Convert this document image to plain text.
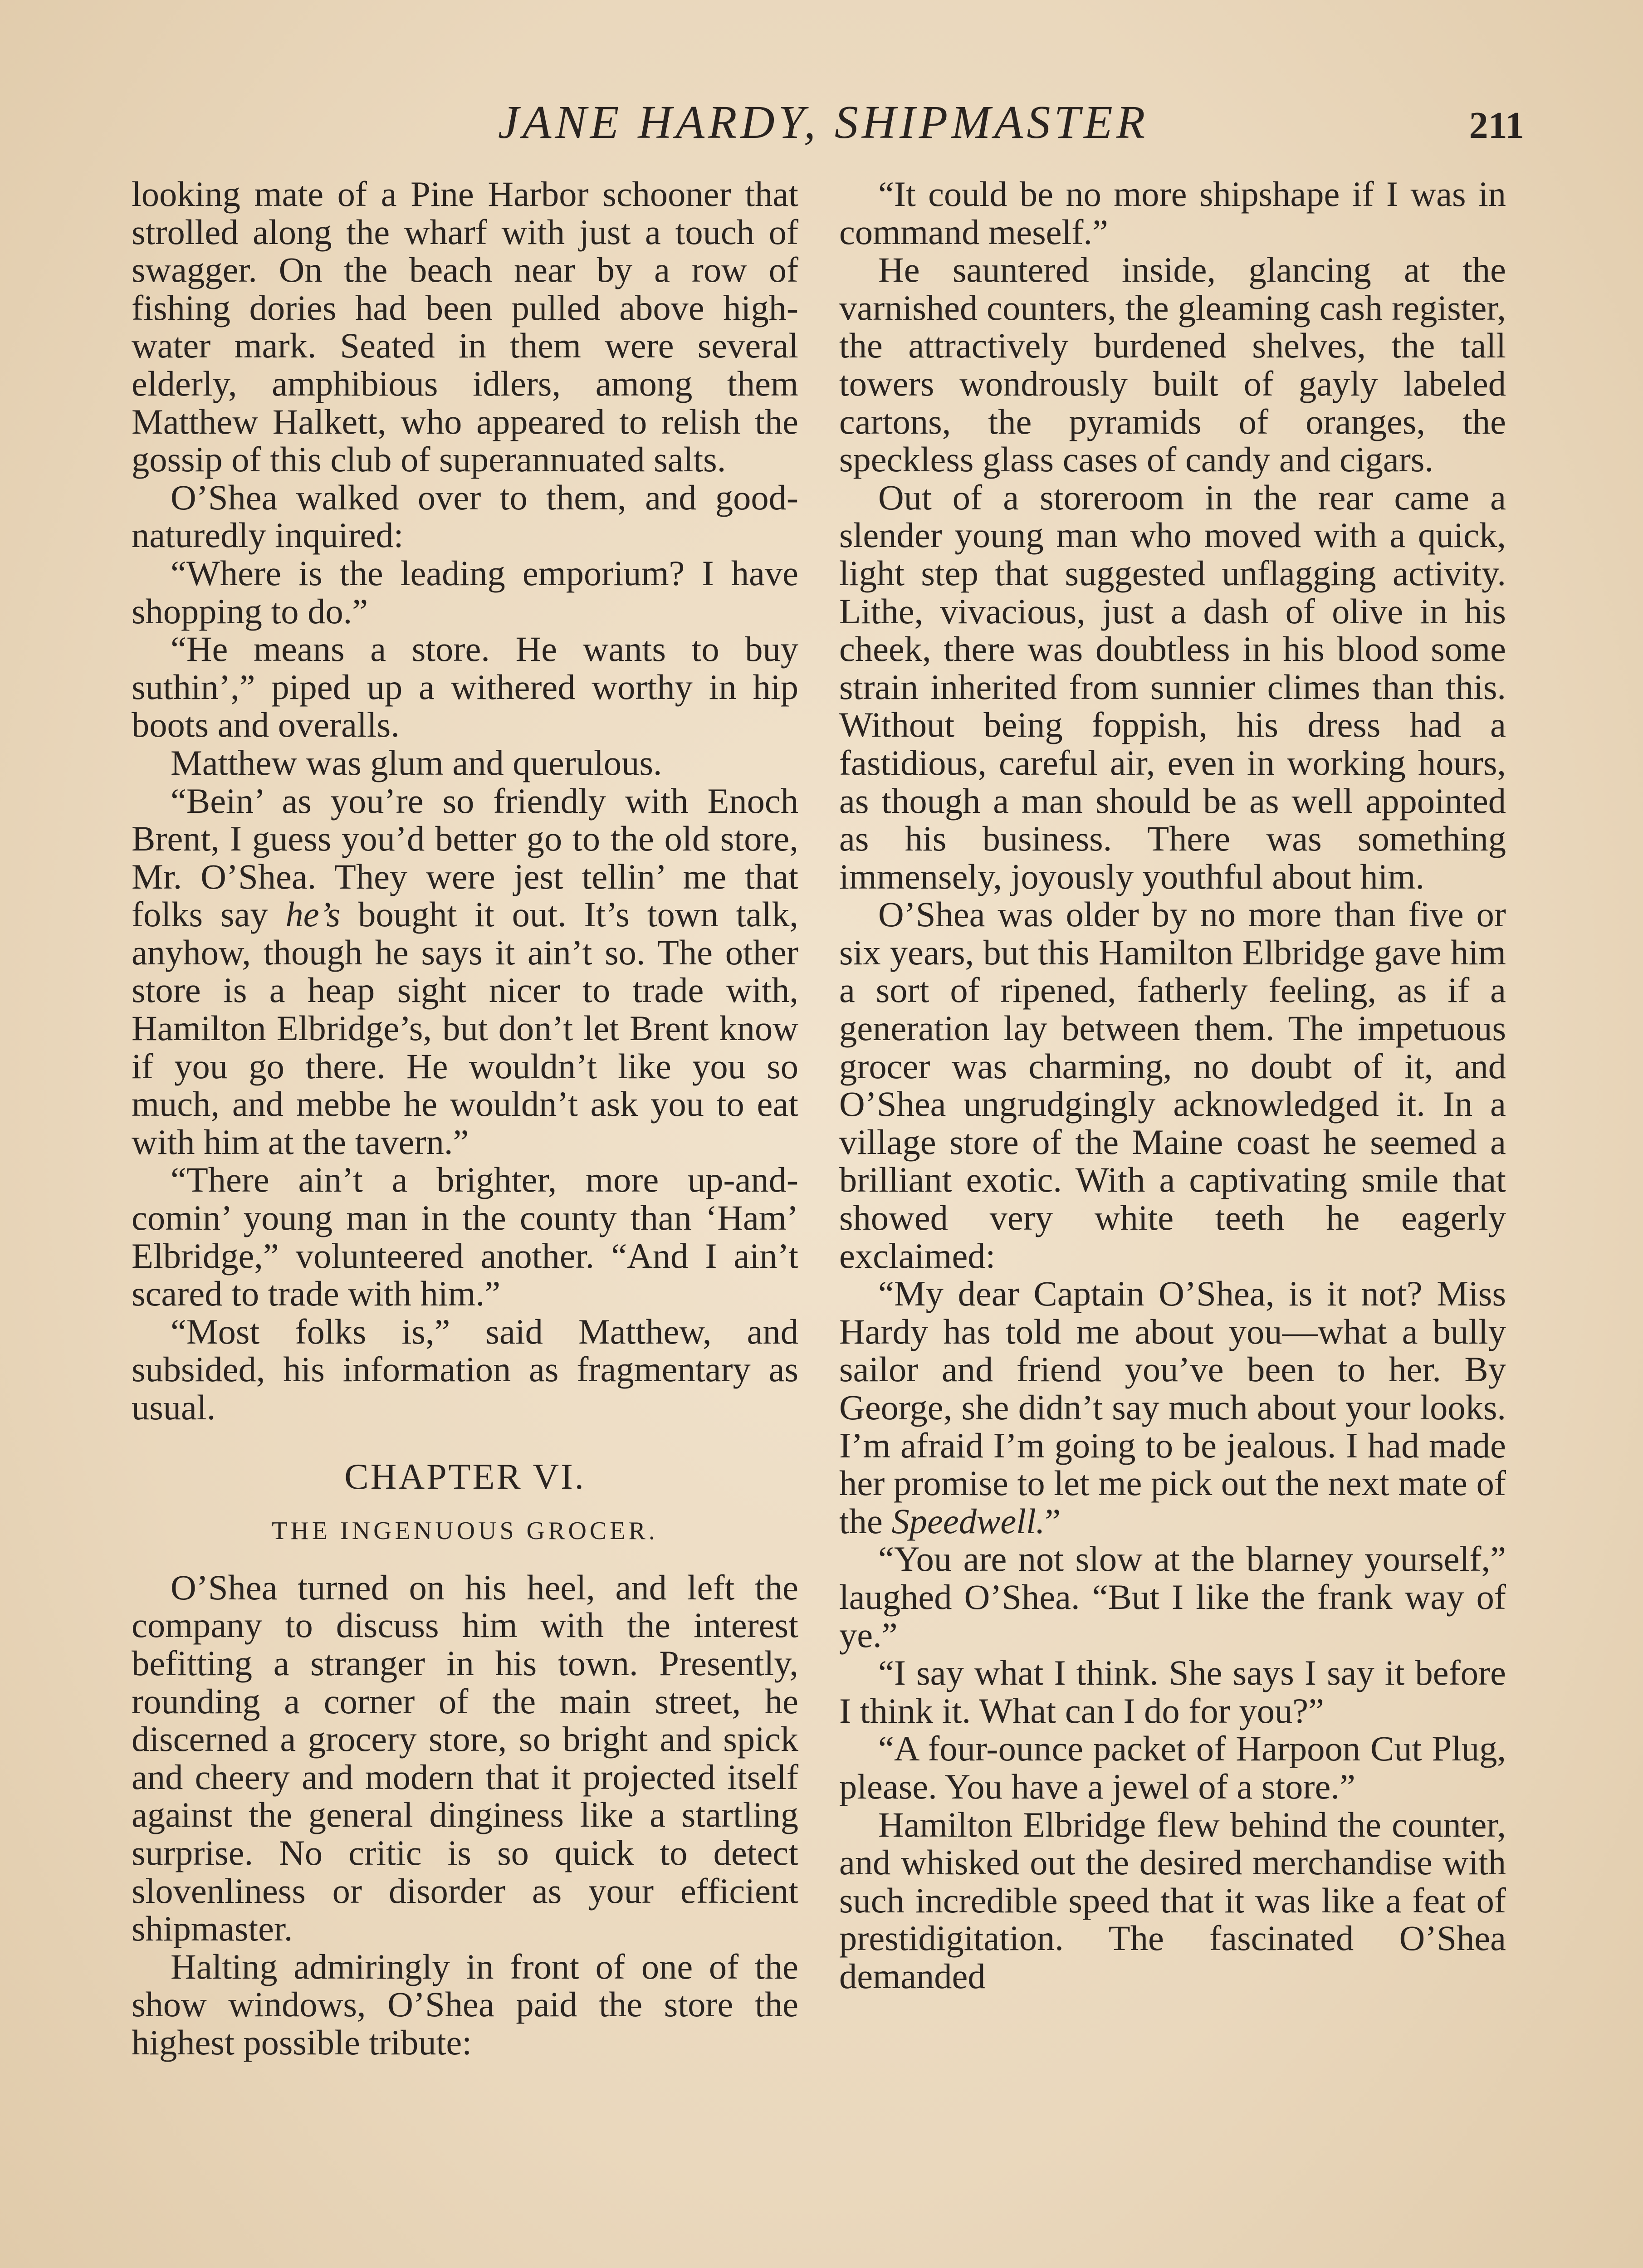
JANE HARDY, SHIPMASTER	211

looking mate of a Pine Harbor schooner that strolled along the wharf with just a touch of swagger. On the beach near by a row of fishing dories had been pulled above high-water mark. Seated in them were several elderly, amphibious idlers, among them Matthew Halkett, who appeared to relish the gossip of this club of superannuated salts.

O’Shea walked over to them, and good-naturedly inquired:

“Where is the leading emporium? I have shopping to do.”

“He means a store. He wants to buy suthin’,” piped up a withered worthy in hip boots and overalls.

Matthew was glum and querulous.

“Bein’ as you’re so friendly with Enoch Brent, I guess you’d better go to the old store, Mr. O’Shea. They were jest tellin’ me that folks say he’s bought it out. It’s town talk, anyhow, though he says it ain’t so. The other store is a heap sight nicer to trade with, Hamilton Elbridge’s, but don’t let Brent know if you go there. He wouldn’t like you so much, and mebbe he wouldn’t ask you to eat with him at the tavern.”

“There ain’t a brighter, more up-and-comin’ young man in the county than ‘Ham’ Elbridge,” volunteered another. “And I ain’t scared to trade with him.”

“Most folks is,” said Matthew, and subsided, his information as fragmentary as usual.

CHAPTER VI.
THE INGENUOUS GROCER.

O’Shea turned on his heel, and left the company to discuss him with the interest befitting a stranger in his town. Presently, rounding a corner of the main street, he discerned a grocery store, so bright and spick and cheery and modern that it projected itself against the general dinginess like a startling surprise. No critic is so quick to detect slovenliness or disorder as your efficient shipmaster.

Halting admiringly in front of one of the show windows, O’Shea paid the store the highest possible tribute:

“It could be no more shipshape if I was in command meself.”

He sauntered inside, glancing at the varnished counters, the gleaming cash register, the attractively burdened shelves, the tall towers wondrously built of gayly labeled cartons, the pyramids of oranges, the speckless glass cases of candy and cigars.

Out of a storeroom in the rear came a slender young man who moved with a quick, light step that suggested unflagging activity. Lithe, vivacious, just a dash of olive in his cheek, there was doubtless in his blood some strain inherited from sunnier climes than this. Without being foppish, his dress had a fastidious, careful air, even in working hours, as though a man should be as well appointed as his business. There was something immensely, joyously youthful about him.

O’Shea was older by no more than five or six years, but this Hamilton Elbridge gave him a sort of ripened, fatherly feeling, as if a generation lay between them. The impetuous grocer was charming, no doubt of it, and O’Shea ungrudgingly acknowledged it. In a village store of the Maine coast he seemed a brilliant exotic. With a captivating smile that showed very white teeth he eagerly exclaimed:

“My dear Captain O’Shea, is it not? Miss Hardy has told me about you—what a bully sailor and friend you’ve been to her. By George, she didn’t say much about your looks. I’m afraid I’m going to be jealous. I had made her promise to let me pick out the next mate of the Speedwell.”

“You are not slow at the blarney yourself,” laughed O’Shea. “But I like the frank way of ye.”

“I say what I think. She says I say it before I think it. What can I do for you?”

“A four-ounce packet of Harpoon Cut Plug, please. You have a jewel of a store.”

Hamilton Elbridge flew behind the counter, and whisked out the desired merchandise with such incredible speed that it was like a feat of prestidigitation. The fascinated O’Shea demanded
